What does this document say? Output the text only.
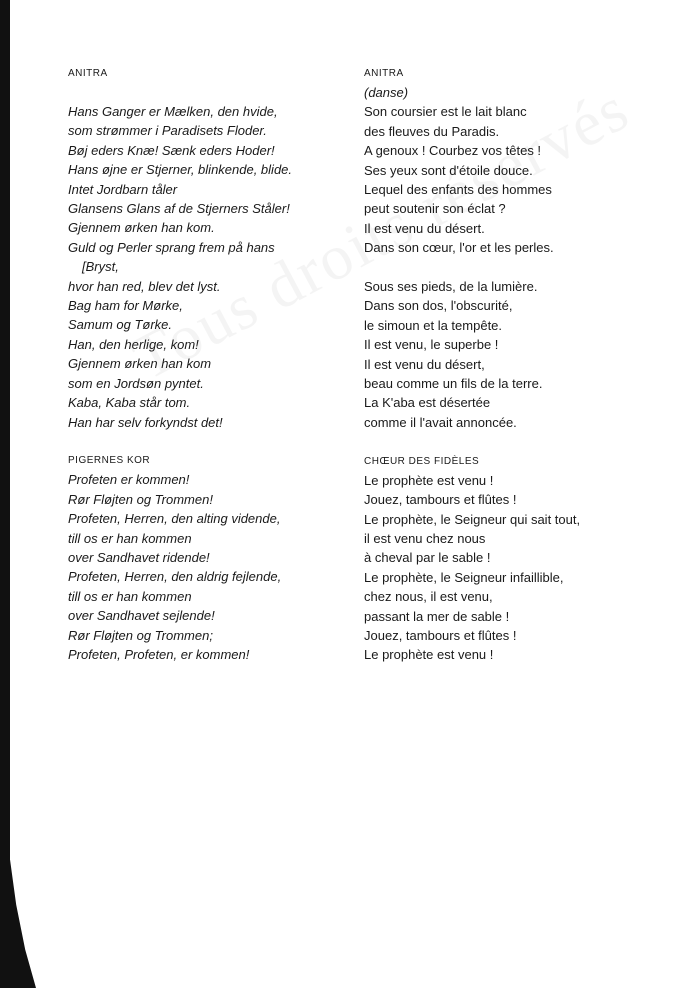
ANITRA

Hans Ganger er Mælken, den hvide,

som strømmer i Paradisets Floder.

Bøj eders Knæ! Sænk eders Hoder!

Hans øjne er Stjerner, blinkende, blide.

Intet Jordbarn tåler

Glansens Glans af de Stjerners Ståler!

Gjennem ørken han kom.

Guld og Perler sprang frem på hans

[Bryst,

hvor han red, blev det lyst.

Bag ham for Mørke,

Samum og Tørke.

Han, den herlige, kom!

Gjennem ørken han kom

som en Jordsøn pyntet.

Kaba, Kaba står tom.

Han har selv forkyndst det!

PIGERNES KOR

Profeten er kommen!

Rør Fløjten og Trommen!

Profeten, Herren, den alting vidende,

till os er han kommen

over Sandhavet ridende!

Profeten, Herren, den aldrig fejlende,

till os er han kommen

over Sandhavet sejlende!

Rør Fløjten og Trommen;

Profeten, Profeten, er kommen!

ANITRA

(danse)

Son coursier est le lait blanc

des fleuves du Paradis.

A genoux ! Courbez vos têtes !

Ses yeux sont d'étoile douce.

Lequel des enfants des hommes

peut soutenir son éclat ?

Il est venu du désert.

Dans son cœur, l'or et les perles.

Sous ses pieds, de la lumière.

Dans son dos, l'obscurité,

le simoun et la tempête.

Il est venu, le superbe !

Il est venu du désert,

beau comme un fils de la terre.

La K'aba est désertée

comme il l'avait annoncée.

CHŒUR DES FIDÈLES

Le prophète est venu !

Jouez, tambours et flûtes !

Le prophète, le Seigneur qui sait tout,

il est venu chez nous

à cheval par le sable !

Le prophète, le Seigneur infaillible,

chez nous, il est venu,

passant la mer de sable !

Jouez, tambours et flûtes !

Le prophète est venu !
